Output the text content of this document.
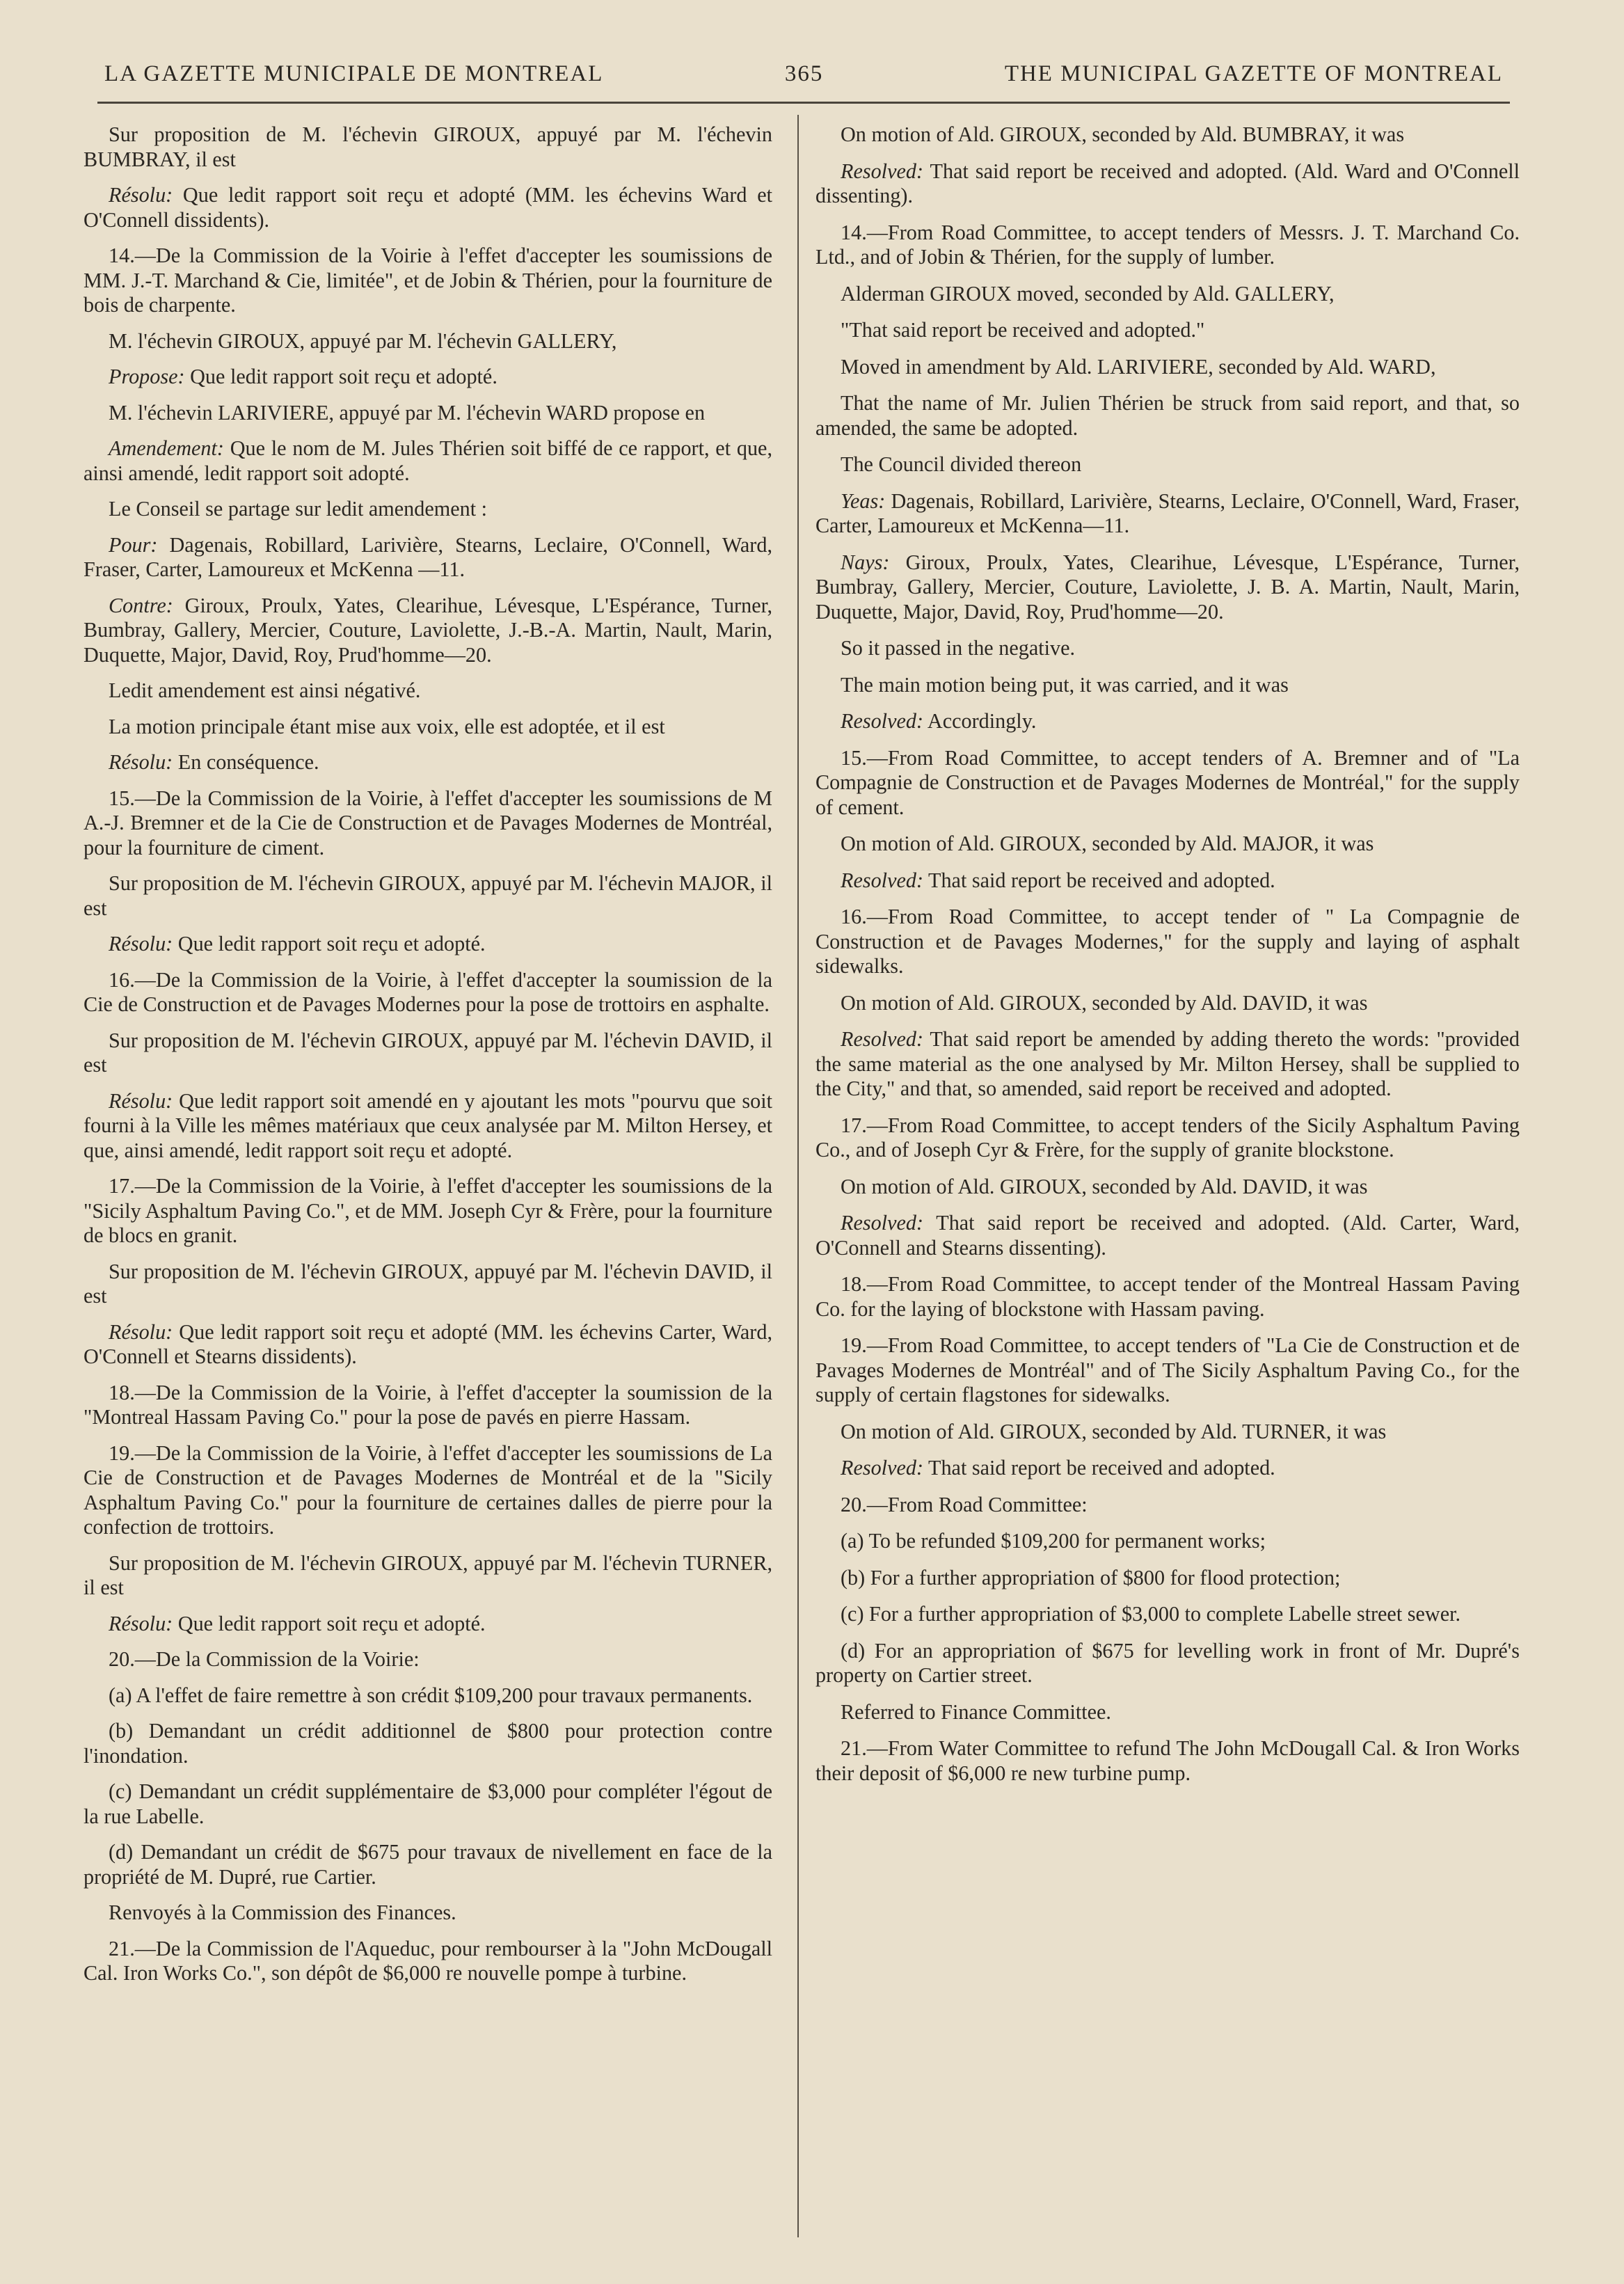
LA GAZETTE MUNICIPALE DE MONTREAL	365	THE MUNICIPAL GAZETTE OF MONTREAL

Sur proposition de M. l'échevin GIROUX, appuyé par M. l'échevin BUMBRAY, il est

Résolu: Que ledit rapport soit reçu et adopté (MM. les échevins Ward et O'Connell dissidents).

14.—De la Commission de la Voirie à l'effet d'accepter les soumissions de MM. J.-T. Marchand & Cie, limitée", et de Jobin & Thérien, pour la fourniture de bois de charpente.

M. l'échevin GIROUX, appuyé par M. l'échevin GALLERY,

Propose: Que ledit rapport soit reçu et adopté.

M. l'échevin LARIVIERE, appuyé par M. l'échevin WARD propose en

Amendement: Que le nom de M. Jules Thérien soit biffé de ce rapport, et que, ainsi amendé, ledit rapport soit adopté.

Le Conseil se partage sur ledit amendement :

Pour: Dagenais, Robillard, Larivière, Stearns, Leclaire, O'Connell, Ward, Fraser, Carter, Lamoureux et McKenna —11.

Contre: Giroux, Proulx, Yates, Clearihue, Lévesque, L'Espérance, Turner, Bumbray, Gallery, Mercier, Couture, Laviolette, J.-B.-A. Martin, Nault, Marin, Duquette, Major, David, Roy, Prud'homme—20.

Ledit amendement est ainsi négativé.

La motion principale étant mise aux voix, elle est adoptée, et il est

Résolu: En conséquence.

15.—De la Commission de la Voirie, à l'effet d'accepter les soumissions de M A.-J. Bremner et de la Cie de Construction et de Pavages Modernes de Montréal, pour la fourniture de ciment.

Sur proposition de M. l'échevin GIROUX, appuyé par M. l'échevin MAJOR, il est

Résolu: Que ledit rapport soit reçu et adopté.

16.—De la Commission de la Voirie, à l'effet d'accepter la soumission de la Cie de Construction et de Pavages Modernes pour la pose de trottoirs en asphalte.

Sur proposition de M. l'échevin GIROUX, appuyé par M. l'échevin DAVID, il est

Résolu: Que ledit rapport soit amendé en y ajoutant les mots "pourvu que soit fourni à la Ville les mêmes matériaux que ceux analysée par M. Milton Hersey, et que, ainsi amendé, ledit rapport soit reçu et adopté.

17.—De la Commission de la Voirie, à l'effet d'accepter les soumissions de la "Sicily Asphaltum Paving Co.", et de MM. Joseph Cyr & Frère, pour la fourniture de blocs en granit.

Sur proposition de M. l'échevin GIROUX, appuyé par M. l'échevin DAVID, il est

Résolu: Que ledit rapport soit reçu et adopté (MM. les échevins Carter, Ward, O'Connell et Stearns dissidents).

18.—De la Commission de la Voirie, à l'effet d'accepter la soumission de la "Montreal Hassam Paving Co." pour la pose de pavés en pierre Hassam.

19.—De la Commission de la Voirie, à l'effet d'accepter les soumissions de La Cie de Construction et de Pavages Modernes de Montréal et de la "Sicily Asphaltum Paving Co." pour la fourniture de certaines dalles de pierre pour la confection de trottoirs.

Sur proposition de M. l'échevin GIROUX, appuyé par M. l'échevin TURNER, il est

Résolu: Que ledit rapport soit reçu et adopté.

20.—De la Commission de la Voirie:

(a) A l'effet de faire remettre à son crédit $109,200 pour travaux permanents.

(b) Demandant un crédit additionnel de $800 pour protection contre l'inondation.

(c) Demandant un crédit supplémentaire de $3,000 pour compléter l'égout de la rue Labelle.

(d) Demandant un crédit de $675 pour travaux de nivellement en face de la propriété de M. Dupré, rue Cartier.

Renvoyés à la Commission des Finances.

21.—De la Commission de l'Aqueduc, pour rembourser à la "John McDougall Cal. Iron Works Co.", son dépôt de $6,000 re nouvelle pompe à turbine.

On motion of Ald. GIROUX, seconded by Ald. BUMBRAY, it was

Resolved: That said report be received and adopted. (Ald. Ward and O'Connell dissenting).

14.—From Road Committee, to accept tenders of Messrs. J. T. Marchand Co. Ltd., and of Jobin & Thérien, for the supply of lumber.

Alderman GIROUX moved, seconded by Ald. GALLERY,

"That said report be received and adopted."

Moved in amendment by Ald. LARIVIERE, seconded by Ald. WARD,

That the name of Mr. Julien Thérien be struck from said report, and that, so amended, the same be adopted.

The Council divided thereon

Yeas: Dagenais, Robillard, Larivière, Stearns, Leclaire, O'Connell, Ward, Fraser, Carter, Lamoureux et McKenna—11.

Nays: Giroux, Proulx, Yates, Clearihue, Lévesque, L'Espérance, Turner, Bumbray, Gallery, Mercier, Couture, Laviolette, J. B. A. Martin, Nault, Marin, Duquette, Major, David, Roy, Prud'homme—20.

So it passed in the negative.

The main motion being put, it was carried, and it was

Resolved: Accordingly.

15.—From Road Committee, to accept tenders of A. Bremner and of "La Compagnie de Construction et de Pavages Modernes de Montréal," for the supply of cement.

On motion of Ald. GIROUX, seconded by Ald. MAJOR, it was

Resolved: That said report be received and adopted.

16.—From Road Committee, to accept tender of " La Compagnie de Construction et de Pavages Modernes," for the supply and laying of asphalt sidewalks.

On motion of Ald. GIROUX, seconded by Ald. DAVID, it was

Resolved: That said report be amended by adding thereto the words: "provided the same material as the one analysed by Mr. Milton Hersey, shall be supplied to the City," and that, so amended, said report be received and adopted.

17.—From Road Committee, to accept tenders of the Sicily Asphaltum Paving Co., and of Joseph Cyr & Frère, for the supply of granite blockstone.

On motion of Ald. GIROUX, seconded by Ald. DAVID, it was

Resolved: That said report be received and adopted. (Ald. Carter, Ward, O'Connell and Stearns dissenting).

18.—From Road Committee, to accept tender of the Montreal Hassam Paving Co. for the laying of blockstone with Hassam paving.

19.—From Road Committee, to accept tenders of "La Cie de Construction et de Pavages Modernes de Montréal" and of The Sicily Asphaltum Paving Co., for the supply of certain flagstones for sidewalks.

On motion of Ald. GIROUX, seconded by Ald. TURNER, it was

Resolved: That said report be received and adopted.

20.—From Road Committee:

(a) To be refunded $109,200 for permanent works;

(b) For a further appropriation of $800 for flood protection;

(c) For a further appropriation of $3,000 to complete Labelle street sewer.

(d) For an appropriation of $675 for levelling work in front of Mr. Dupré's property on Cartier street.

Referred to Finance Committee.

21.—From Water Committee to refund The John McDougall Cal. & Iron Works their deposit of $6,000 re new turbine pump.
